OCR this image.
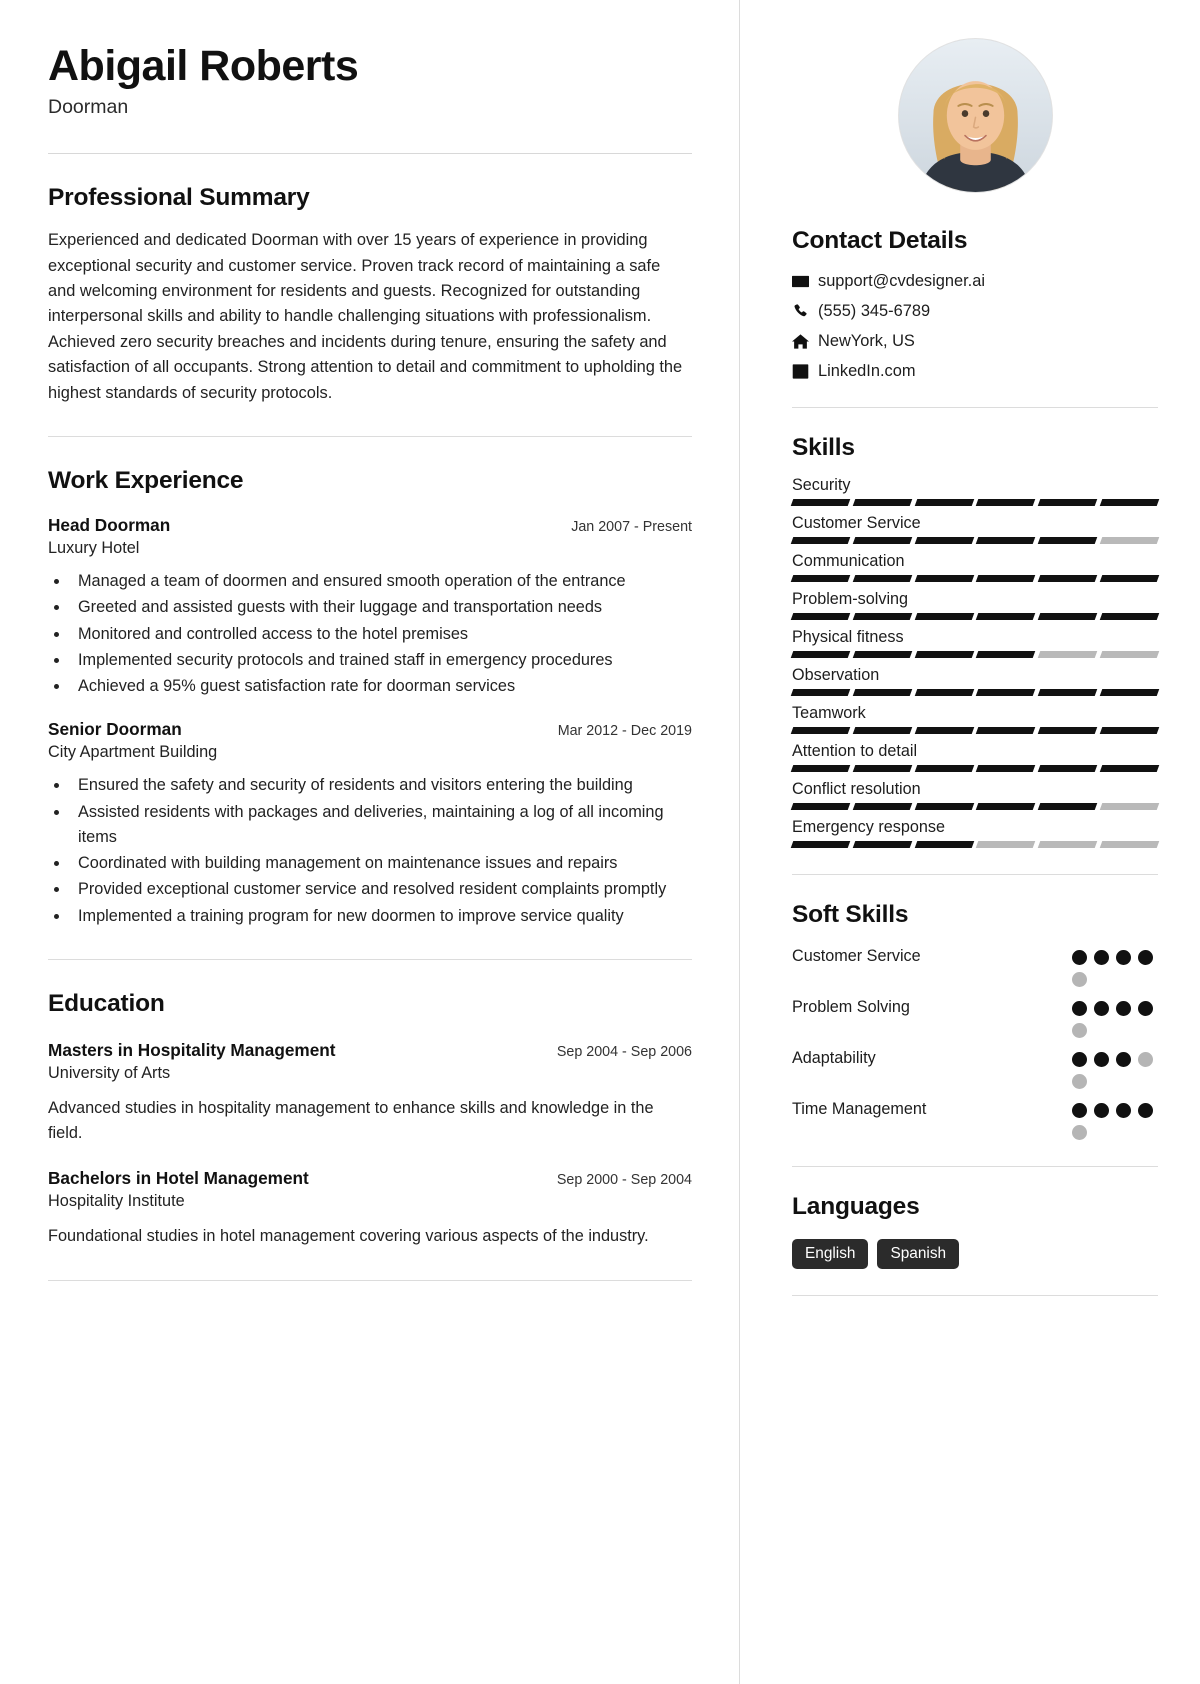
Abigail Roberts
Doorman
Professional Summary
Experienced and dedicated Doorman with over 15 years of experience in providing exceptional security and customer service. Proven track record of maintaining a safe and welcoming environment for residents and guests. Recognized for outstanding interpersonal skills and ability to handle challenging situations with professionalism. Achieved zero security breaches and incidents during tenure, ensuring the safety and satisfaction of all occupants. Strong attention to detail and commitment to upholding the highest standards of security protocols.
Work Experience
Head Doorman	Jan 2007 - Present
Luxury Hotel
• Managed a team of doormen and ensured smooth operation of the entrance
• Greeted and assisted guests with their luggage and transportation needs
• Monitored and controlled access to the hotel premises
• Implemented security protocols and trained staff in emergency procedures
• Achieved a 95% guest satisfaction rate for doorman services
Senior Doorman	Mar 2012 - Dec 2019
City Apartment Building
• Ensured the safety and security of residents and visitors entering the building
• Assisted residents with packages and deliveries, maintaining a log of all incoming items
• Coordinated with building management on maintenance issues and repairs
• Provided exceptional customer service and resolved resident complaints promptly
• Implemented a training program for new doormen to improve service quality
Education
Masters in Hospitality Management	Sep 2004 - Sep 2006
University of Arts
Advanced studies in hospitality management to enhance skills and knowledge in the field.
Bachelors in Hotel Management	Sep 2000 - Sep 2004
Hospitality Institute
Foundational studies in hotel management covering various aspects of the industry.
Contact Details
support@cvdesigner.ai
(555) 345-6789
NewYork, US
LinkedIn.com
Skills
Security
Customer Service
Communication
Problem-solving
Physical fitness
Observation
Teamwork
Attention to detail
Conflict resolution
Emergency response
Soft Skills
Customer Service
Problem Solving
Adaptability
Time Management
Languages
English	Spanish
